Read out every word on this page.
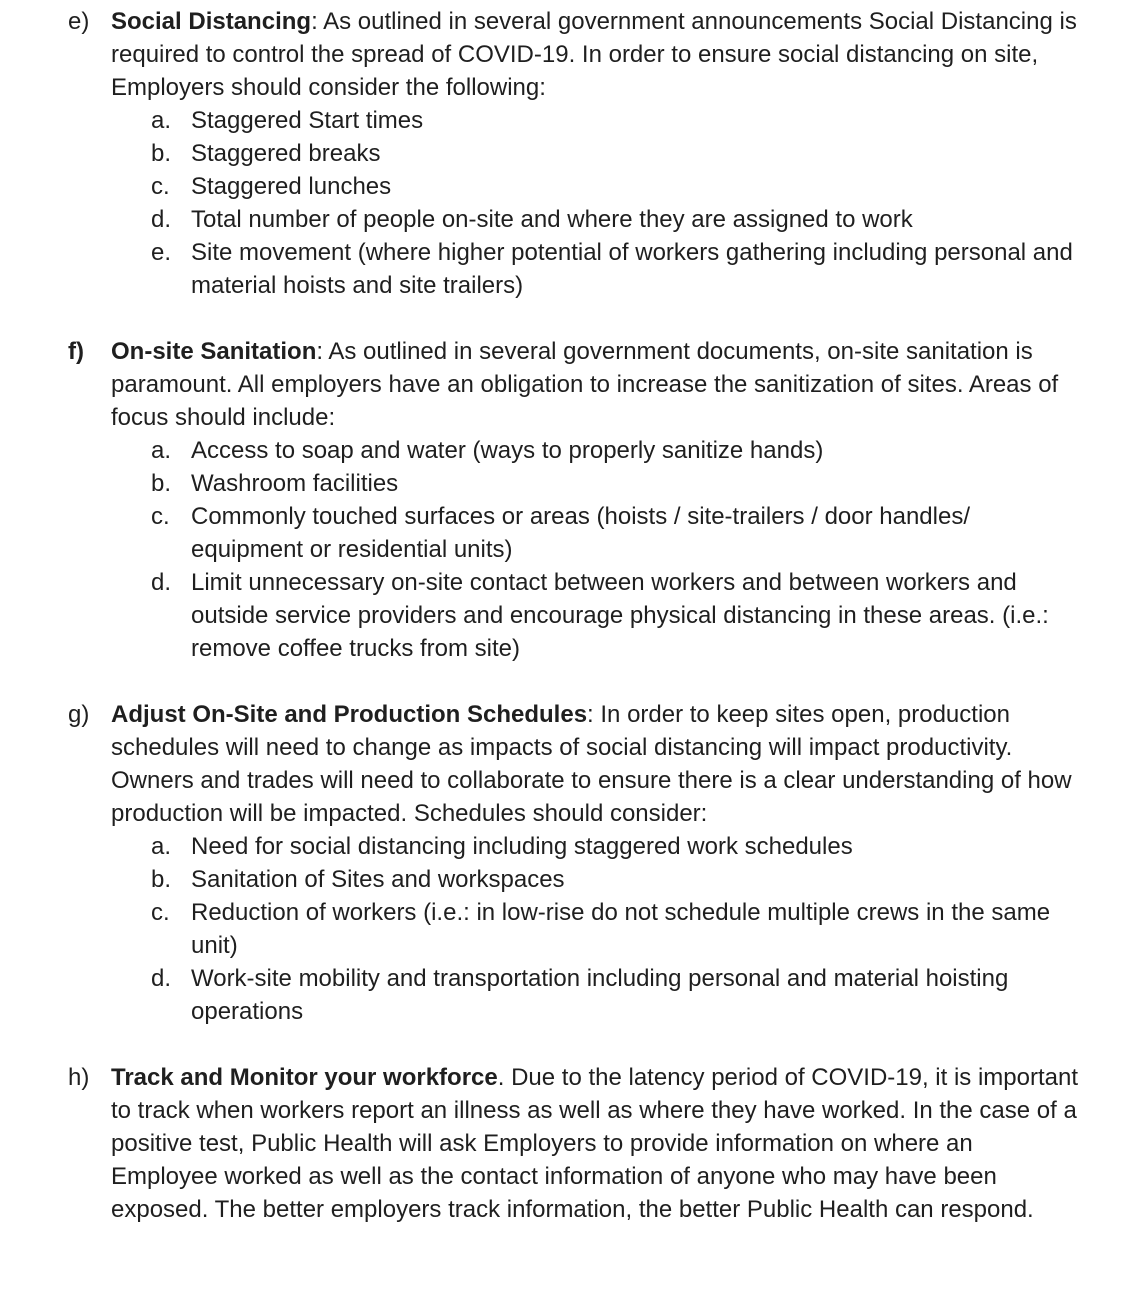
e) Social Distancing: As outlined in several government announcements Social Distancing is required to control the spread of COVID-19. In order to ensure social distancing on site, Employers should consider the following:
a. Staggered Start times
b. Staggered breaks
c. Staggered lunches
d. Total number of people on-site and where they are assigned to work
e. Site movement (where higher potential of workers gathering including personal and material hoists and site trailers)
f)	On-site Sanitation: As outlined in several government documents, on-site sanitation is paramount. All employers have an obligation to increase the sanitization of sites. Areas of focus should include:
a. Access to soap and water (ways to properly sanitize hands)
b. Washroom facilities
c. Commonly touched surfaces or areas (hoists / site-trailers / door handles/ equipment or residential units)
d. Limit unnecessary on-site contact between workers and between workers and outside service providers and encourage physical distancing in these areas. (i.e.: remove coffee trucks from site)
g) Adjust On-Site and Production Schedules: In order to keep sites open, production schedules will need to change as impacts of social distancing will impact productivity. Owners and trades will need to collaborate to ensure there is a clear understanding of how production will be impacted. Schedules should consider:
a. Need for social distancing including staggered work schedules
b. Sanitation of Sites and workspaces
c. Reduction of workers (i.e.: in low-rise do not schedule multiple crews in the same unit)
d. Work-site mobility and transportation including personal and material hoisting operations
h) Track and Monitor your workforce. Due to the latency period of COVID-19, it is important to track when workers report an illness as well as where they have worked. In the case of a positive test, Public Health will ask Employers to provide information on where an Employee worked as well as the contact information of anyone who may have been exposed. The better employers track information, the better Public Health can respond.
